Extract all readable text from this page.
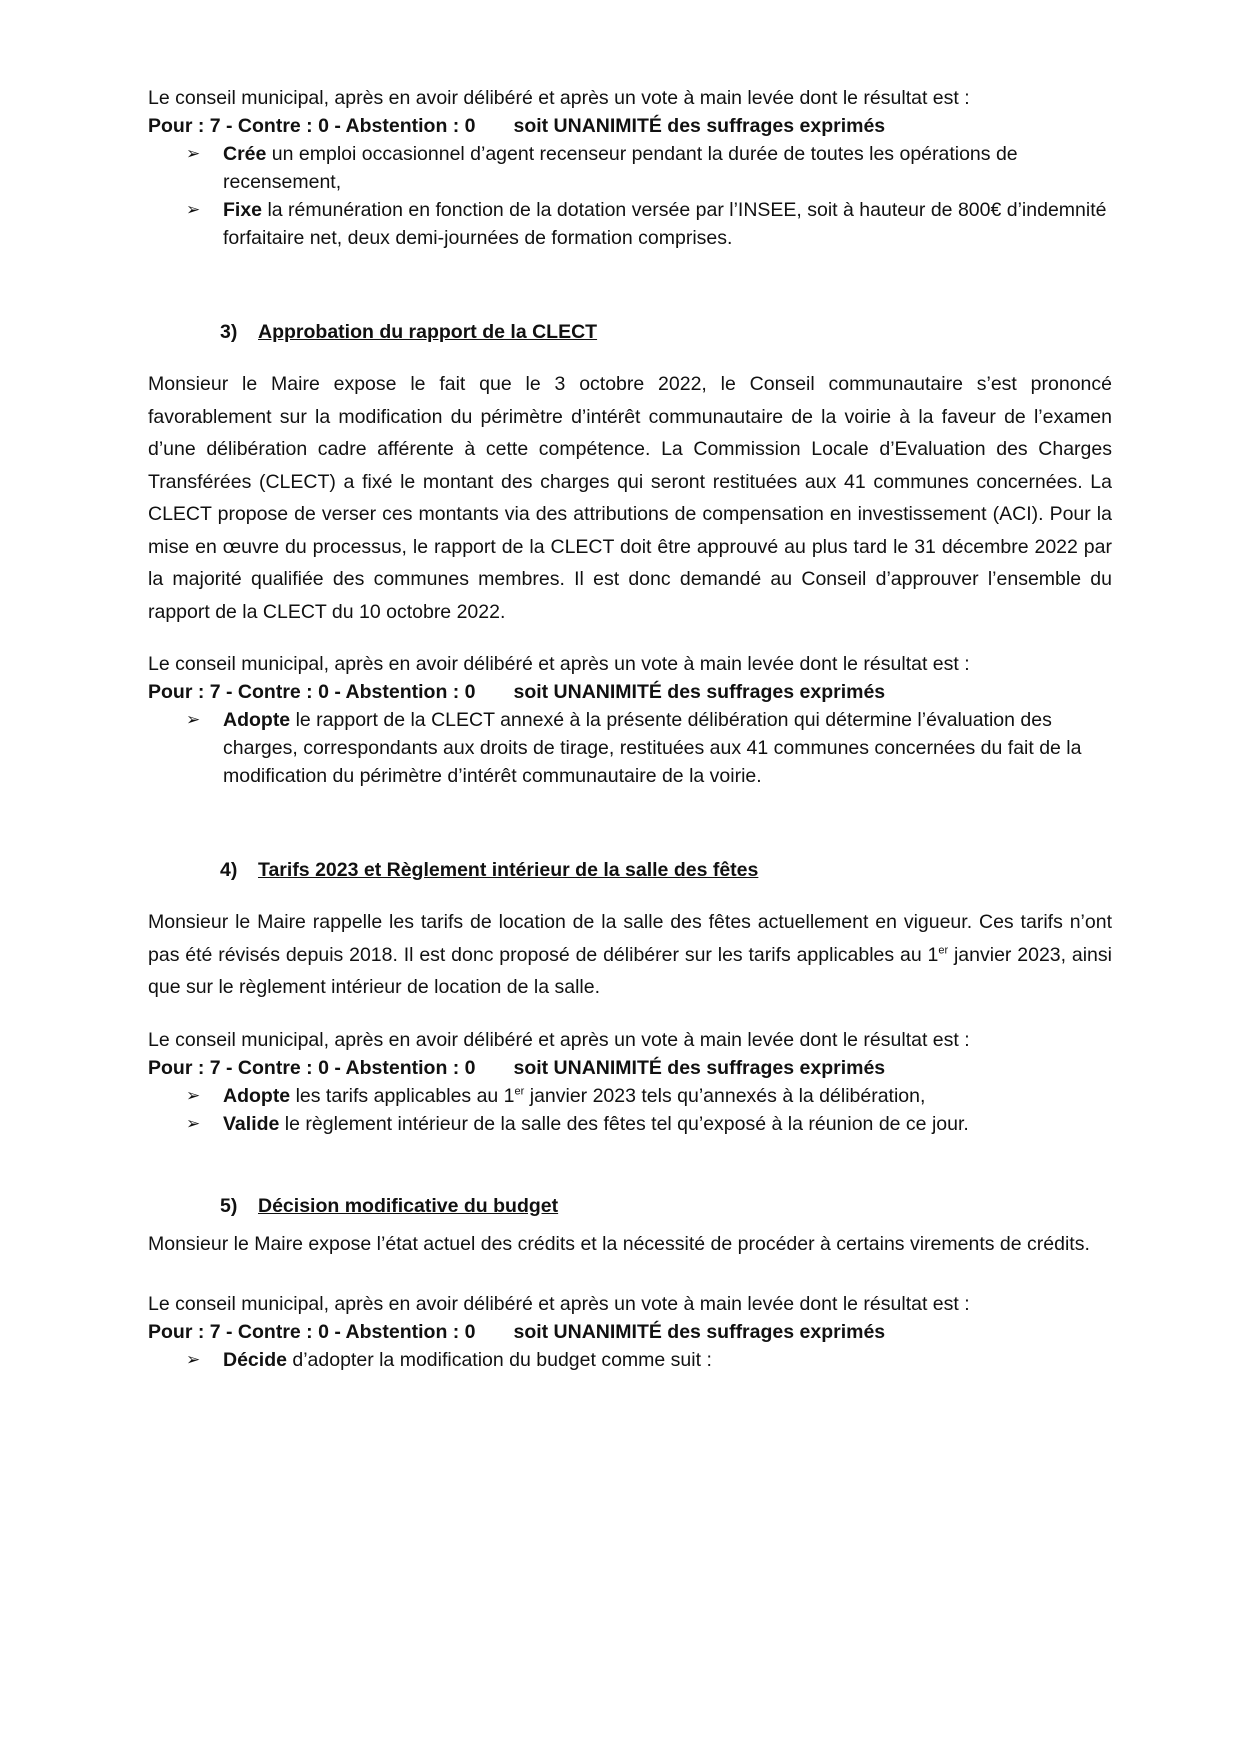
Le conseil municipal, après en avoir délibéré et après un vote à main levée dont le résultat est :
Pour : 7 - Contre : 0 - Abstention : 0 soit UNANIMITÉ des suffrages exprimés
➢ Crée un emploi occasionnel d’agent recenseur pendant la durée de toutes les opérations de recensement,
➢ Fixe la rémunération en fonction de la dotation versée par l’INSEE, soit à hauteur de 800€ d’indemnité forfaitaire net, deux demi-journées de formation comprises.
3) Approbation du rapport de la CLECT
Monsieur le Maire expose le fait que le 3 octobre 2022, le Conseil communautaire s’est prononcé favorablement sur la modification du périmètre d’intérêt communautaire de la voirie à la faveur de l’examen d’une délibération cadre afférente à cette compétence. La Commission Locale d’Evaluation des Charges Transférées (CLECT) a fixé le montant des charges qui seront restituées aux 41 communes concernées. La CLECT propose de verser ces montants via des attributions de compensation en investissement (ACI). Pour la mise en œuvre du processus, le rapport de la CLECT doit être approuvé au plus tard le 31 décembre 2022 par la majorité qualifiée des communes membres. Il est donc demandé au Conseil d’approuver l’ensemble du rapport de la CLECT du 10 octobre 2022.
Le conseil municipal, après en avoir délibéré et après un vote à main levée dont le résultat est :
Pour : 7 - Contre : 0 - Abstention : 0 soit UNANIMITÉ des suffrages exprimés
➢ Adopte le rapport de la CLECT annexé à la présente délibération qui détermine l’évaluation des charges, correspondants aux droits de tirage, restituées aux 41 communes concernées du fait de la modification du périmètre d’intérêt communautaire de la voirie.
4) Tarifs 2023 et Règlement intérieur de la salle des fêtes
Monsieur le Maire rappelle les tarifs de location de la salle des fêtes actuellement en vigueur. Ces tarifs n’ont pas été révisés depuis 2018. Il est donc proposé de délibérer sur les tarifs applicables au 1er janvier 2023, ainsi que sur le règlement intérieur de location de la salle.
Le conseil municipal, après en avoir délibéré et après un vote à main levée dont le résultat est :
Pour : 7 - Contre : 0 - Abstention : 0 soit UNANIMITÉ des suffrages exprimés
➢ Adopte les tarifs applicables au 1er janvier 2023 tels qu’annexés à la délibération,
➢ Valide le règlement intérieur de la salle des fêtes tel qu’exposé à la réunion de ce jour.
5) Décision modificative du budget
Monsieur le Maire expose l’état actuel des crédits et la nécessité de procéder à certains virements de crédits.
Le conseil municipal, après en avoir délibéré et après un vote à main levée dont le résultat est :
Pour : 7 - Contre : 0 - Abstention : 0 soit UNANIMITÉ des suffrages exprimés
➢ Décide d’adopter la modification du budget comme suit :
